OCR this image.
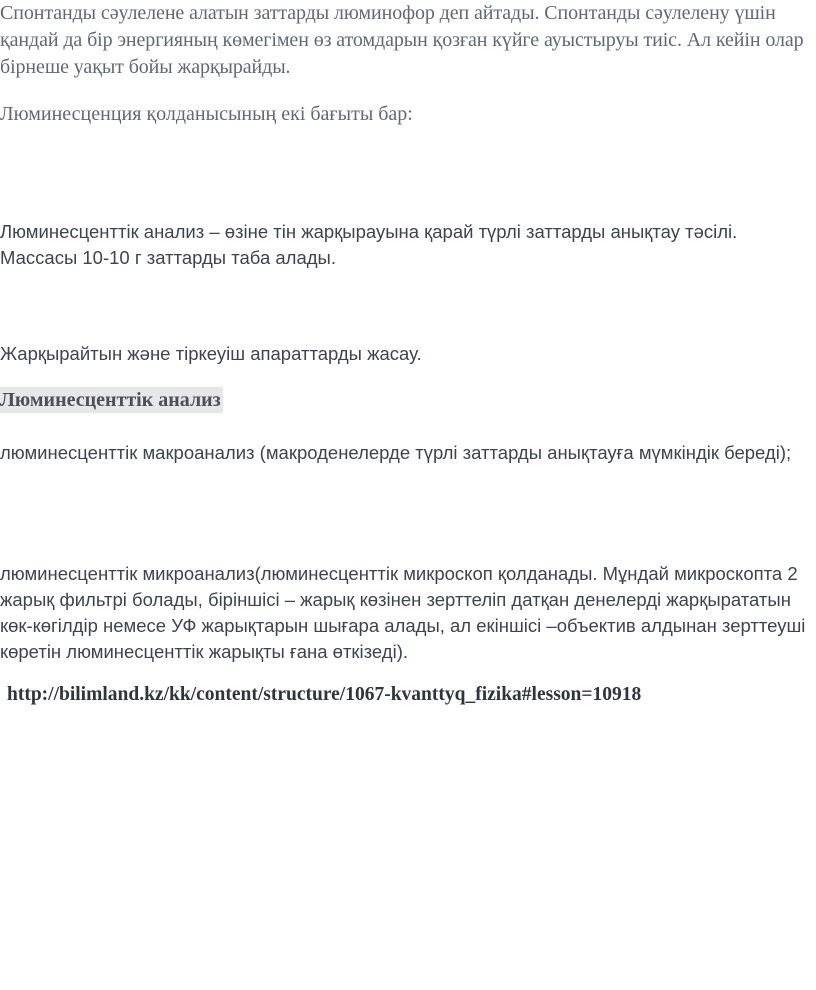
Спонтанды сәулелене алатын заттарды люминофор деп айтады. Спонтанды сәулелену үшін қандай да бір энергияның көмегімен өз атомдарын қозған күйге ауыстыруы тиіс. Ал кейін олар бірнеше уақыт бойы жарқырайды.

Люминесценция қолданысының екі бағыты бар:

Люминесценттік анализ – өзіне тін жарқырауына қарай түрлі заттарды анықтау тәсілі. Массасы 10-10 г заттарды таба алады.

Жарқырайтын және тіркеуіш апараттарды жасау.

Люминесценттік анализ

люминесценттік макроанализ (макроденелерде түрлі заттарды анықтауға мүмкіндік береді);

люминесценттік микроанализ(люминесценттік микроскоп қолданады. Мұндай микроскопта 2 жарық фильтрі болады, біріншісі – жарық көзінен зерттеліп датқан денелерді жарқырататын көк-көгілдір немесе УФ жарықтарын шығара алады, ал екіншісі –объектив алдынан зерттеуші көретін люминесценттік жарықты ғана өткізеді).

http://bilimland.kz/kk/content/structure/1067-kvanttyq_fizika#lesson=10918
